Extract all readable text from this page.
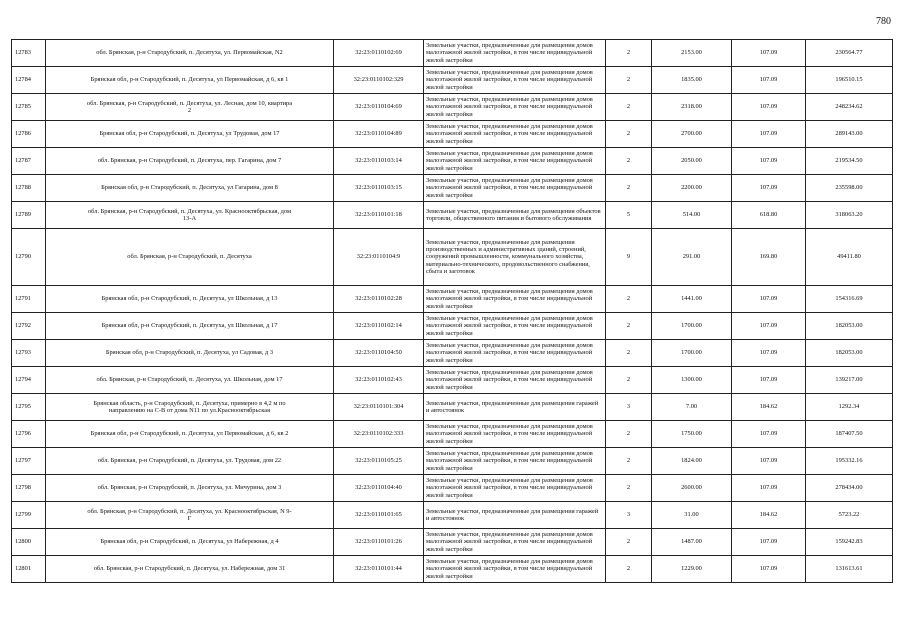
780
12783	обл. Брянская, р-н Стародубский, п. Десятуха, ул. Первомайская, N2	32:23:0110102:69	Земельные участки, предназначенные для размещения домов малоэтажной жилой застройки, в том числе индивидуальной жилой застройки	2	2153.00	107.09	230564.77
12784	Брянская обл, р-н Стародубский, п. Десятуха, ул Первомайская, д 6, кв 1	32:23:0110102:329	Земельные участки, предназначенные для размещения домов малоэтажной жилой застройки, в том числе индивидуальной жилой застройки	2	1835.00	107.09	196510.15
12785	обл. Брянская, р-н Стародубский, п. Десятуха, ул. Лесная, дом 10, квартира 2	32:23:0110104:69	Земельные участки, предназначенные для размещения домов малоэтажной жилой застройки, в том числе индивидуальной жилой застройки	2	2318.00	107.09	248234.62
12786	Брянская обл, р-н Стародубский, п. Десятуха, ул Трудовая, дом 17	32:23:0110104:89	Земельные участки, предназначенные для размещения домов малоэтажной жилой застройки, в том числе индивидуальной жилой застройки	2	2700.00	107.09	289143.00
12787	обл. Брянская, р-н Стародубский, п. Десятуха, пер. Гагарина, дом 7	32:23:0110103:14	Земельные участки, предназначенные для размещения домов малоэтажной жилой застройки, в том числе индивидуальной жилой застройки	2	2050.00	107.09	219534.50
12788	Брянская обл, р-н Стародубский, п. Десятуха, ул Гагарина, дом 8	32:23:0110103:15	Земельные участки, предназначенные для размещения домов малоэтажной жилой застройки, в том числе индивидуальной жилой застройки	2	2200.00	107.09	235598.00
12789	обл. Брянская, р-н Стародубский, п. Десятуха, ул. Краснооктябрьская, дом 13-А	32:23:0110101:18	Земельные участки, предназначенные для размещения объектов торговли, общественного питания и бытового обслуживания	5	514.00	618.80	318063.20
12790	обл. Брянская, р-н Стародубский, п. Десятуха	32:23:0110104:9	Земельные участки, предназначенные для размещения производственных и административных зданий, строений, сооружений промышленности, коммунального хозяйства, материально-технического, продовольственного снабжения, сбыта и заготовок	9	291.00	169.80	49411.80
12791	Брянская обл, р-н Стародубский, п. Десятуха, ул Школьная, д 13	32:23:0110102:28	Земельные участки, предназначенные для размещения домов малоэтажной жилой застройки, в том числе индивидуальной жилой застройки	2	1441.00	107.09	154316.69
12792	Брянская обл, р-н Стародубский, п. Десятуха, ул Школьная, д 17	32:23:0110102:14	Земельные участки, предназначенные для размещения домов малоэтажной жилой застройки, в том числе индивидуальной жилой застройки	2	1700.00	107.09	182053.00
12793	Брянская обл, р-н Стародубский, п. Десятуха, ул Садовая, д 3	32:23:0110104:50	Земельные участки, предназначенные для размещения домов малоэтажной жилой застройки, в том числе индивидуальной жилой застройки	2	1700.00	107.09	182053.00
12794	обл. Брянская, р-н Стародубский, п. Десятуха, ул. Школьная, дом 17	32:23:0110102:43	Земельные участки, предназначенные для размещения домов малоэтажной жилой застройки, в том числе индивидуальной жилой застройки	2	1300.00	107.09	139217.00
12795	Брянская область, р-н Стародубский, п. Десятуха, примерно в 4,2 м по направлению на С-В от дома N11 по ул.Краснооктябрьская	32:23:0110101:304	Земельные участки, предназначенные для размещения гаражей и автостоянок	3	7.00	184.62	1292.34
12796	Брянская обл, р-н Стародубский, п. Десятуха, ул Первомайская, д 6, кв 2	32:23:0110102:333	Земельные участки, предназначенные для размещения домов малоэтажной жилой застройки, в том числе индивидуальной жилой застройки	2	1750.00	107.09	187407.50
12797	обл. Брянская, р-н Стародубский, п. Десятуха, ул. Трудовая, дом 22	32:23:0110105:25	Земельные участки, предназначенные для размещения домов малоэтажной жилой застройки, в том числе индивидуальной жилой застройки	2	1824.00	107.09	195332.16
12798	обл. Брянская, р-н Стародубский, п. Десятуха, ул. Мичурина, дом 3	32:23:0110104:40	Земельные участки, предназначенные для размещения домов малоэтажной жилой застройки, в том числе индивидуальной жилой застройки	2	2600.00	107.09	278434.00
12799	обл. Брянская, р-н Стародубский, п. Десятуха, ул. Краснооктябрьская, N 9-Г	32:23:0110101:65	Земельные участки, предназначенные для размещения гаражей и автостоянок	3	31.00	184.62	5723.22
12800	Брянская обл, р-н Стародубский, п. Десятуха, ул Набережная, д 4	32:23:0110101:26	Земельные участки, предназначенные для размещения домов малоэтажной жилой застройки, в том числе индивидуальной жилой застройки	2	1487.00	107.09	159242.83
12801	обл. Брянская, р-н Стародубский, п. Десятуха, ул. Набережная, дом 31	32:23:0110101:44	Земельные участки, предназначенные для размещения домов малоэтажной жилой застройки, в том числе индивидуальной жилой застройки	2	1229.00	107.09	131613.61
